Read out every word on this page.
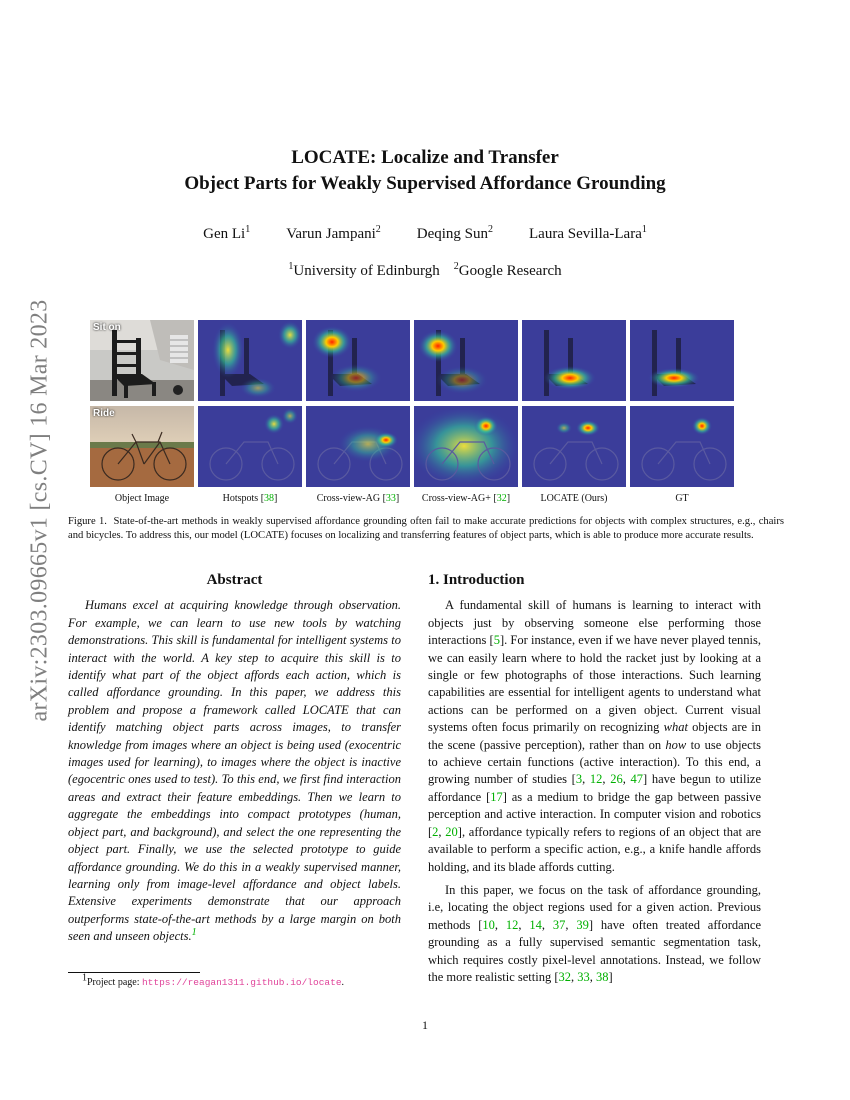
arXiv:2303.09665v1 [cs.CV] 16 Mar 2023
LOCATE: Localize and Transfer
Object Parts for Weakly Supervised Affordance Grounding
Gen Li$^1$ Varun Jampani$^2$ Deqing Sun$^2$ Laura Sevilla-Lara$^1$
$^1$University of Edinburgh $^2$Google Research
Sit on
Ride
Object Image	Hotspots [38]	Cross-view-AG [33]	Cross-view-AG+ [32]	LOCATE (Ours)	GT
Figure 1. State-of-the-art methods in weakly supervised affordance grounding often fail to make accurate predictions for objects with complex structures, e.g., chairs and bicycles. To address this, our model (LOCATE) focuses on localizing and transferring features of object parts, which is able to produce more accurate results.
Abstract
Humans excel at acquiring knowledge through observation. For example, we can learn to use new tools by watching demonstrations. This skill is fundamental for intelligent systems to interact with the world. A key step to acquire this skill is to identify what part of the object affords each action, which is called affordance grounding. In this paper, we address this problem and propose a framework called LOCATE that can identify matching object parts across images, to transfer knowledge from images where an object is being used (exocentric images used for learning), to images where the object is inactive (egocentric ones used to test). To this end, we first find interaction areas and extract their feature embeddings. Then we learn to aggregate the embeddings into compact prototypes (human, object part, and background), and select the one representing the object part. Finally, we use the selected prototype to guide affordance grounding. We do this in a weakly supervised manner, learning only from image-level affordance and object labels. Extensive experiments demonstrate that our approach outperforms state-of-the-art methods by a large margin on both seen and unseen objects.$^1$
1. Introduction

A fundamental skill of humans is learning to interact with objects just by observing someone else performing those interactions [5]. For instance, even if we have never played tennis, we can easily learn where to hold the racket just by looking at a single or few photographs of those interactions. Such learning capabilities are essential for intelligent agents to understand what actions can be performed on a given object. Current visual systems often focus primarily on recognizing what objects are in the scene (passive perception), rather than on how to use objects to achieve certain functions (active interaction). To this end, a growing number of studies [3, 12, 26, 47] have begun to utilize affordance [17] as a medium to bridge the gap between passive perception and active interaction. In computer vision and robotics [2, 20], affordance typically refers to regions of an object that are available to perform a specific action, e.g., a knife handle affords holding, and its blade affords cutting.

In this paper, we focus on the task of affordance grounding, i.e, locating the object regions used for a given action. Previous methods [10, 12, 14, 37, 39] have often treated affordance grounding as a fully supervised semantic segmentation task, which requires costly pixel-level annotations. Instead, we follow the more realistic setting [32, 33, 38]

$^1$Project page: https://reagan1311.github.io/locate.
1
